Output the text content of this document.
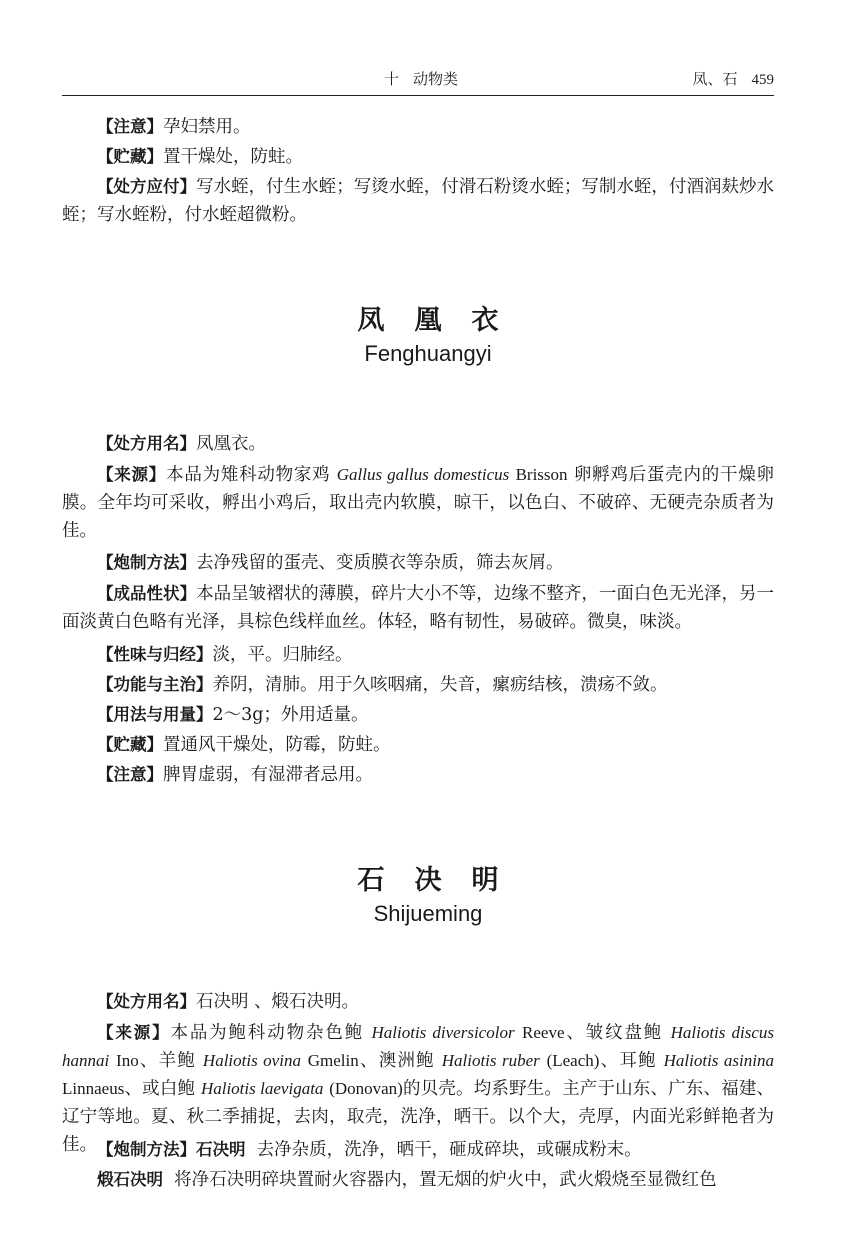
十 动物类	凤、石 459

【注意】孕妇禁用。

【贮藏】置干燥处，防蛀。

【处方应付】写水蛭，付生水蛭；写烫水蛭，付滑石粉烫水蛭；写制水蛭，付酒润麸炒水蛭；写水蛭粉，付水蛭超微粉。

凤凰衣
Fenghuangyi

【处方用名】凤凰衣。

【来源】本品为雉科动物家鸡 Gallus gallus domesticus Brisson 卵孵鸡后蛋壳内的干燥卵膜。全年均可采收，孵出小鸡后，取出壳内软膜，晾干，以色白、不破碎、无硬壳杂质者为佳。

【炮制方法】去净残留的蛋壳、变质膜衣等杂质，筛去灰屑。

【成品性状】本品呈皱褶状的薄膜，碎片大小不等，边缘不整齐，一面白色无光泽，另一面淡黄白色略有光泽，具棕色线样血丝。体轻，略有韧性，易破碎。微臭，味淡。

【性味与归经】淡，平。归肺经。

【功能与主治】养阴，清肺。用于久咳咽痛，失音，瘰疬结核，溃疡不敛。

【用法与用量】2～3g；外用适量。

【贮藏】置通风干燥处，防霉，防蛀。

【注意】脾胃虚弱，有湿滞者忌用。

石决明
Shijueming

【处方用名】石决明 、煅石决明。

【来源】本品为鲍科动物杂色鲍 Haliotis diversicolor Reeve、皱纹盘鲍 Haliotis discus hannai Ino、羊鲍 Haliotis ovina Gmelin、澳洲鲍 Haliotis ruber (Leach)、耳鲍 Haliotis asinina Linnaeus、或白鲍 Haliotis laevigata (Donovan)的贝壳。均系野生。主产于山东、广东、福建、辽宁等地。夏、秋二季捕捉，去肉，取壳，洗净，晒干。以个大，壳厚，内面光彩鲜艳者为佳。 【炮制方法】石决明 去净杂质，洗净，晒干，砸成碎块，或碾成粉末。

煅石决明 将净石决明碎块置耐火容器内，置无烟的炉火中，武火煅烧至显微红色
